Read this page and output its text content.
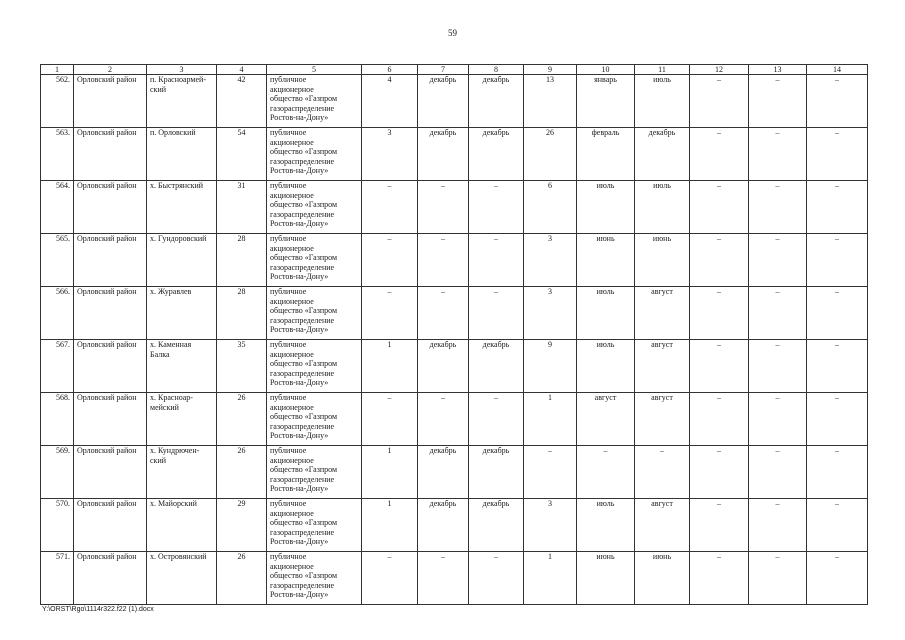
59
1	2	3	4	5	6	7	8	9	10	11	12	13	14
562.	Орловский район	п. Красноармей-
ский	42	публичное
акционерное
общество «Газпром
газораспределение
Ростов-на-Дону»	4	декабрь	декабрь	13	январь	июль	–	–	–
563.	Орловский район	п. Орловский	54	публичное
акционерное
общество «Газпром
газораспределение
Ростов-на-Дону»	3	декабрь	декабрь	26	февраль	декабрь	–	–	–
564.	Орловский район	х. Быстрянский	31	публичное
акционерное
общество «Газпром
газораспределение
Ростов-на-Дону»	–	–	–	6	июль	июль	–	–	–
565.	Орловский район	х. Гундоровский	28	публичное
акционерное
общество «Газпром
газораспределение
Ростов-на-Дону»	–	–	–	3	июнь	июнь	–	–	–
566.	Орловский район	х. Журавлев	28	публичное
акционерное
общество «Газпром
газораспределение
Ростов-на-Дону»	–	–	–	3	июль	август	–	–	–
567.	Орловский район	х. Каменная
Балка	35	публичное
акционерное
общество «Газпром
газораспределение
Ростов-на-Дону»	1	декабрь	декабрь	9	июль	август	–	–	–
568.	Орловский район	х. Красноар-
мейский	26	публичное
акционерное
общество «Газпром
газораспределение
Ростов-на-Дону»	–	–	–	1	август	август	–	–	–
569.	Орловский район	х. Кундрючен-
ский	26	публичное
акционерное
общество «Газпром
газораспределение
Ростов-на-Дону»	1	декабрь	декабрь	–	–	–	–	–	–
570.	Орловский район	х. Майорский	29	публичное
акционерное
общество «Газпром
газораспределение
Ростов-на-Дону»	1	декабрь	декабрь	3	июль	август	–	–	–
571.	Орловский район	х. Островянский	26	публичное
акционерное
общество «Газпром
газораспределение
Ростов-на-Дону»	–	–	–	1	июнь	июнь	–	–	–
Y:\ORST\Rgo\1114r322.f22 (1).docx
